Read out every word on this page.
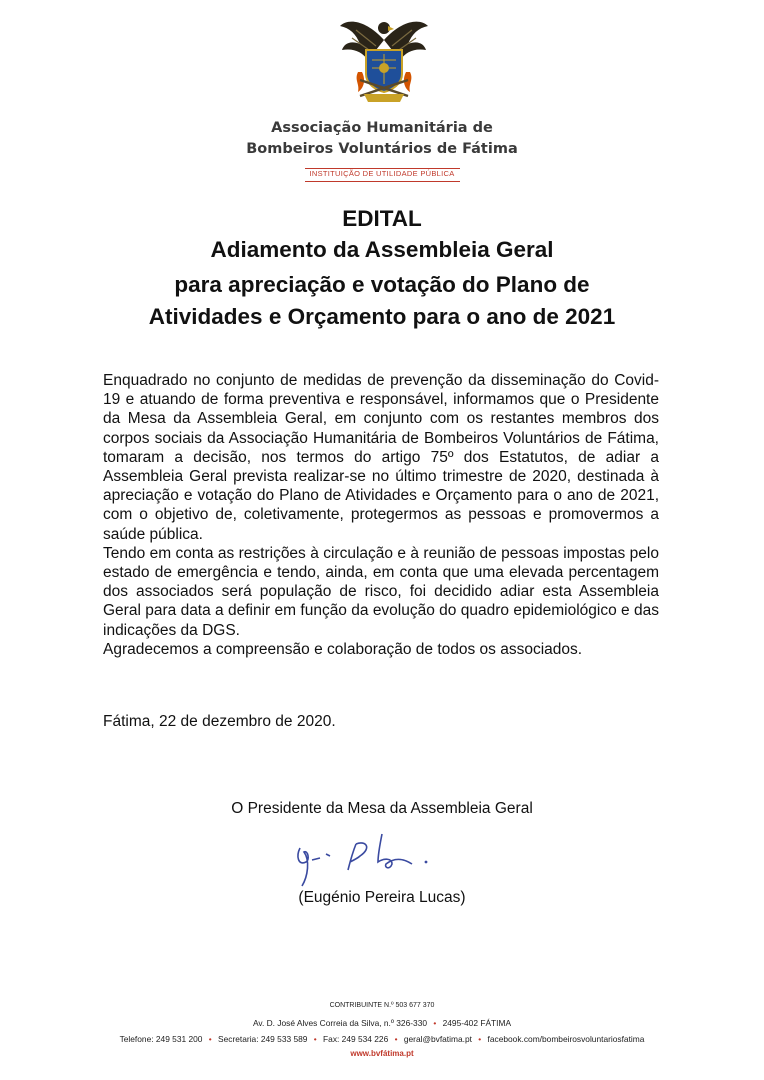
Associação Humanitária de
Bombeiros Voluntários de Fátima
INSTITUIÇÃO DE UTILIDADE PÚBLICA
EDITAL
Adiamento da Assembleia Geral
para apreciação e votação do Plano de
Atividades e Orçamento para o ano de 2021

Enquadrado no conjunto de medidas de prevenção da disseminação do Covid-19 e atuando de forma preventiva e responsável, informamos que o Presidente da Mesa da Assembleia Geral, em conjunto com os restantes membros dos corpos sociais da Associação Humanitária de Bombeiros Voluntários de Fátima, tomaram a decisão, nos termos do artigo 75º dos Estatutos, de adiar a Assembleia Geral prevista realizar-se no último trimestre de 2020, destinada à apreciação e votação do Plano de Atividades e Orçamento para o ano de 2021, com o objetivo de, coletivamente, protegermos as pessoas e promovermos a saúde pública.

Tendo em conta as restrições à circulação e à reunião de pessoas impostas pelo estado de emergência e tendo, ainda, em conta que uma elevada percentagem dos associados será população de risco, foi decidido adiar esta Assembleia Geral para data a definir em função da evolução do quadro epidemiológico e das indicações da DGS.

Agradecemos a compreensão e colaboração de todos os associados.

Fátima, 22 de dezembro de 2020.
O Presidente da Mesa da Assembleia Geral
(Eugénio Pereira Lucas)
CONTRIBUINTE N.º 503 677 370
Av. D. José Alves Correia da Silva, n.º 326-330 • 2495-402 FÁTIMA
Telefone: 249 531 200 • Secretaria: 249 533 589 • Fax: 249 534 226 • geral@bvfatima.pt • facebook.com/bombeirosvoluntariosfatima
www.bvfátima.pt
